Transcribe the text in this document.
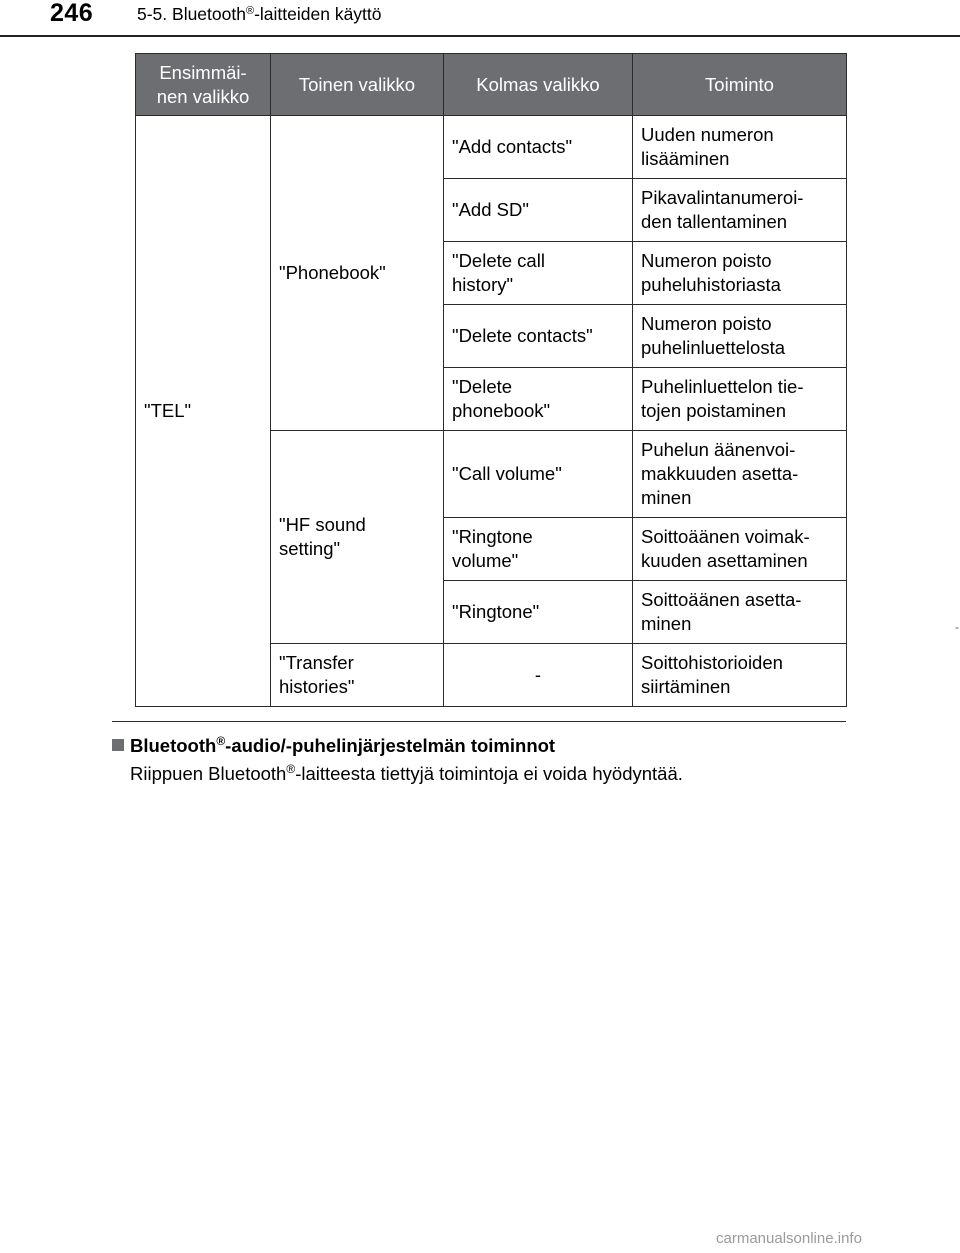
246	5-5. Bluetooth®-laitteiden käyttö
Ensimmäi-
nen valikko	Toinen valikko	Kolmas valikko	Toiminto
"TEL"	"Phonebook"	"Add contacts"	Uuden numeron
lisääminen
		"Add SD"	Pikavalintanumeroi-
den tallentaminen
		"Delete call
history"	Numeron poisto
puheluhistoriasta
		"Delete contacts"	Numeron poisto
puhelinluettelosta
		"Delete
phonebook"	Puhelinluettelon tie-
tojen poistaminen
	"HF sound
setting"	"Call volume"	Puhelun äänenvoi-
makkuuden asetta-
minen
		"Ringtone
volume"	Soittoäänen voimak-
kuuden asettaminen
		"Ringtone"	Soittoäänen asetta-
minen
	"Transfer
histories"	-	Soittohistorioiden
siirtäminen
Bluetooth®-audio/-puhelinjärjestelmän toiminnot
Riippuen Bluetooth®-laitteesta tiettyjä toimintoja ei voida hyödyntää.
-
carmanualsonline.info
